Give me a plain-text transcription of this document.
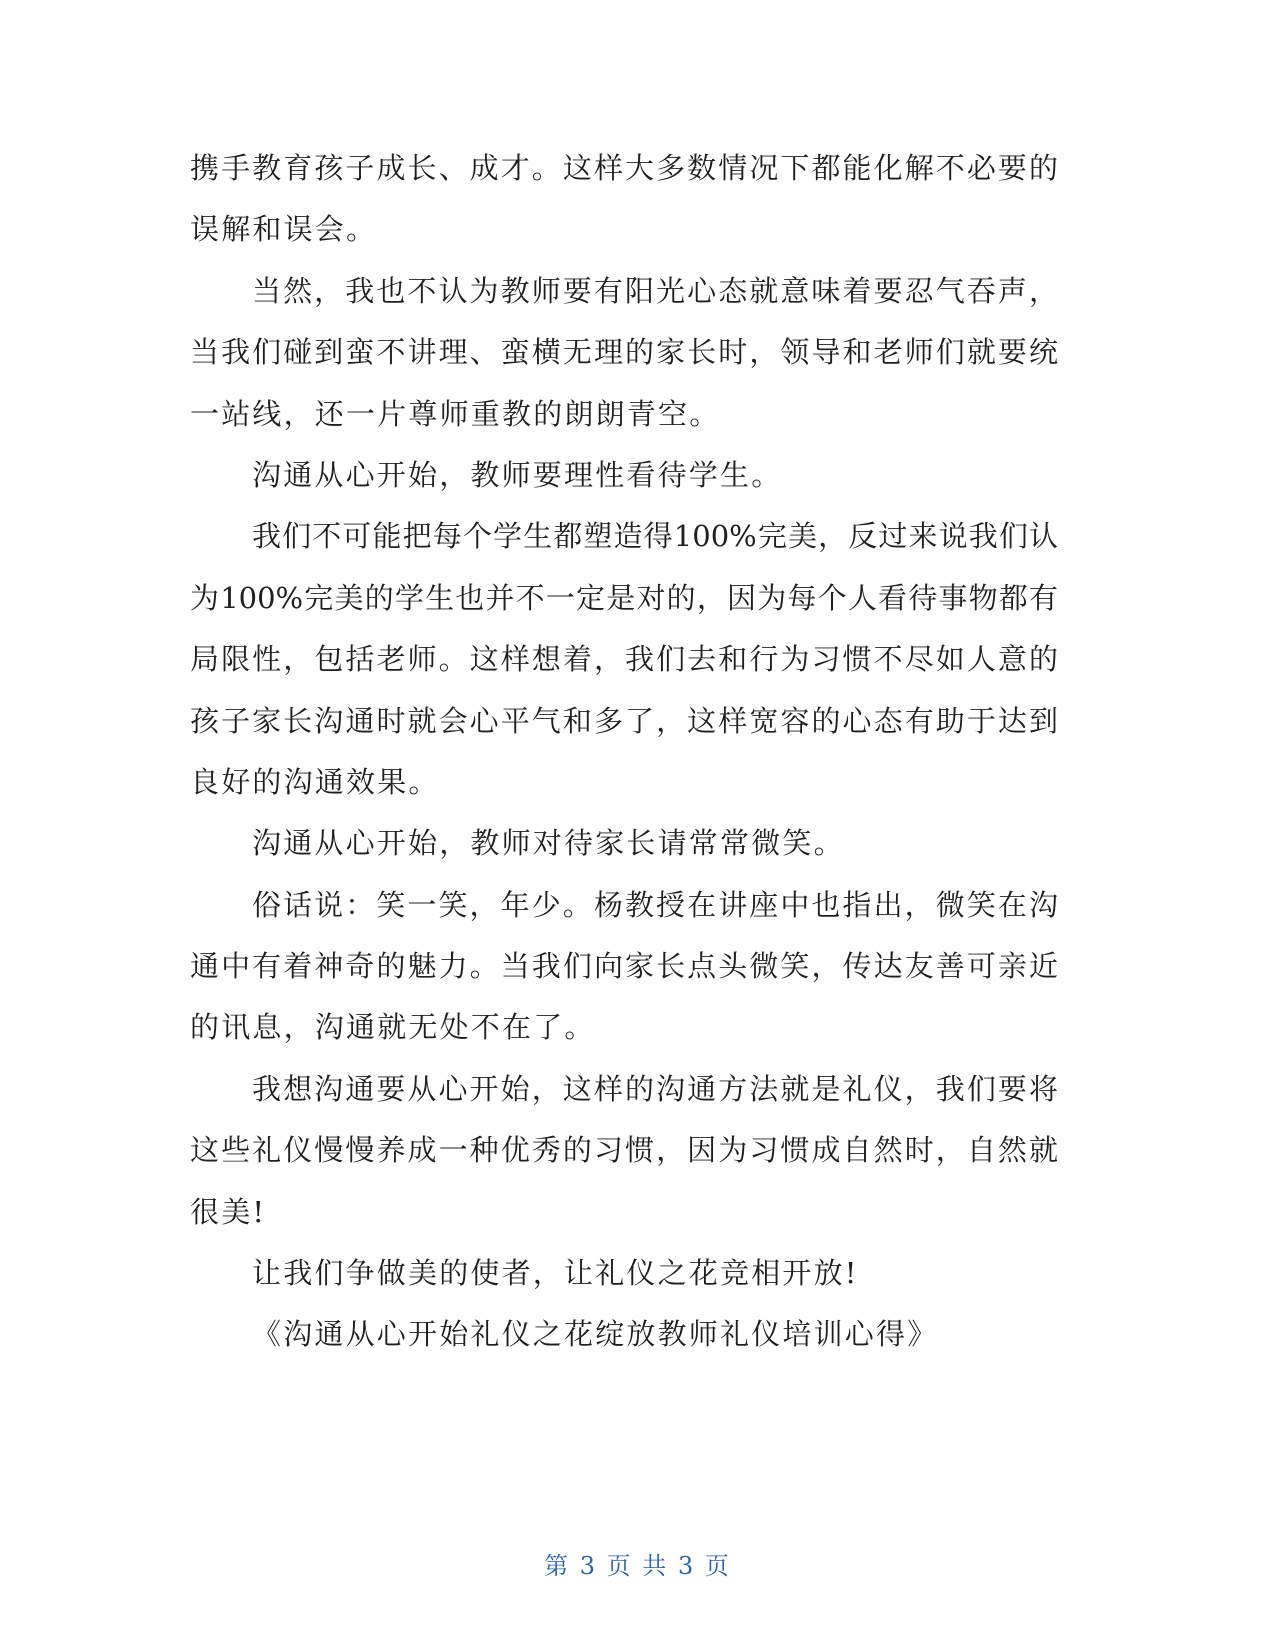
携手教育孩子成长、成才。这样大多数情况下都能化解不必要的
误解和误会。
当然，我也不认为教师要有阳光心态就意味着要忍气吞声，
当我们碰到蛮不讲理、蛮横无理的家长时，领导和老师们就要统
一站线，还一片尊师重教的朗朗青空。
沟通从心开始，教师要理性看待学生。
我们不可能把每个学生都塑造得100%完美，反过来说我们认
为100%完美的学生也并不一定是对的，因为每个人看待事物都有
局限性，包括老师。这样想着，我们去和行为习惯不尽如人意的
孩子家长沟通时就会心平气和多了，这样宽容的心态有助于达到
良好的沟通效果。
沟通从心开始，教师对待家长请常常微笑。
俗话说：笑一笑，年少。杨教授在讲座中也指出，微笑在沟
通中有着神奇的魅力。当我们向家长点头微笑，传达友善可亲近
的讯息，沟通就无处不在了。
我想沟通要从心开始，这样的沟通方法就是礼仪，我们要将
这些礼仪慢慢养成一种优秀的习惯，因为习惯成自然时，自然就
很美!
让我们争做美的使者，让礼仪之花竞相开放!
《沟通从心开始礼仪之花绽放教师礼仪培训心得》
第 3 页 共 3 页
